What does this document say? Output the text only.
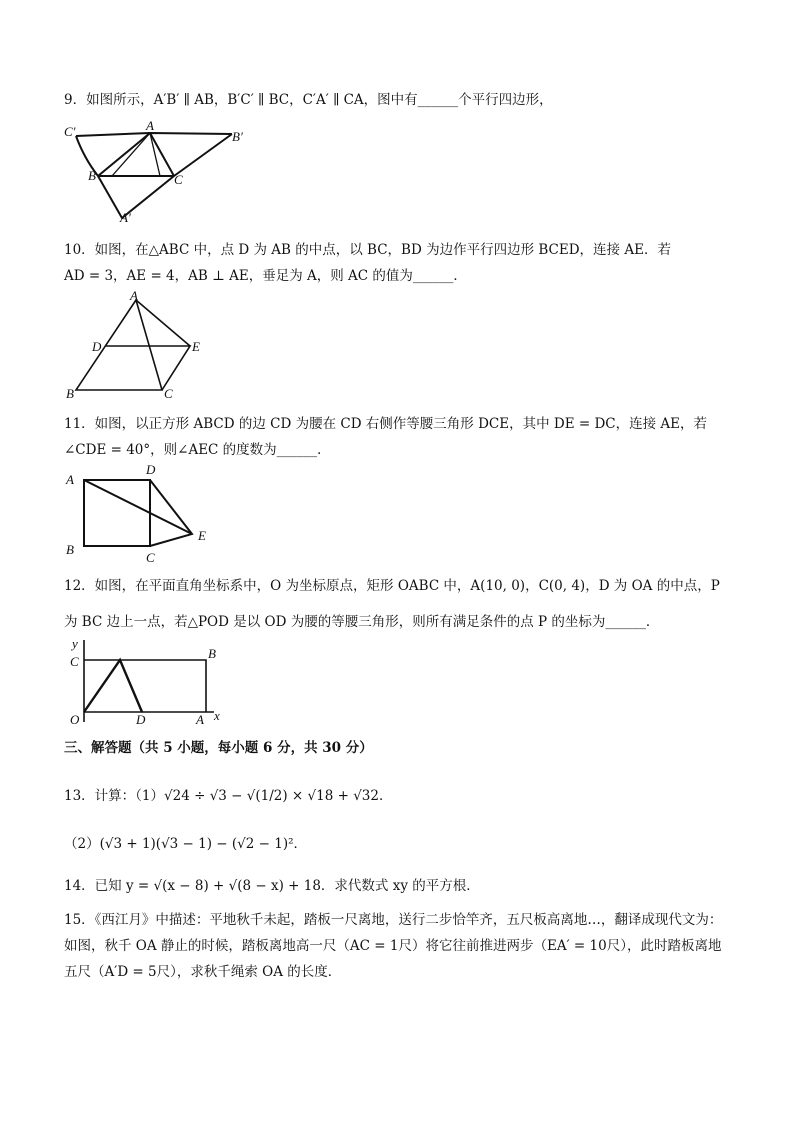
9．如图所示，A′B′ ∥ AB，B′C′ ∥ BC，C′A′ ∥ CA，图中有______个平行四边形，
C′	A
B′
B	C
A′
10．如图，在△ABC 中，点 D 为 AB 的中点，以 BC，BD 为边作平行四边形 BCED，连接 AE．若
AD = 3，AE = 4，AB ⊥ AE，垂足为 A，则 AC 的值为______．
A
D	E
B	C
11．如图，以正方形 ABCD 的边 CD 为腰在 CD 右侧作等腰三角形 DCE，其中 DE = DC，连接 AE，若
∠CDE = 40°，则∠AEC 的度数为______．
A
D
E
B
C
12．如图，在平面直角坐标系中，O 为坐标原点，矩形 OABC 中，A(10, 0)，C(0, 4)，D 为 OA 的中点，P
为 BC 边上一点，若△POD 是以 OD 为腰的等腰三角形，则所有满足条件的点 P 的坐标为______．
y
C
B
O	D	A x
三、解答题（共 5 小题，每小题 6 分，共 30 分）
13．计算：（1）√24 ÷ √3 − √(1/2) × √18 + √32．
（2）(√3 + 1)(√3 − 1) − (√2 − 1)²．
14．已知 y = √(x − 8) + √(8 − x) + 18．求代数式 xy 的平方根．
15．《西江月》中描述：平地秋千未起，踏板一尺离地，送行二步恰竿齐，五尺板高离地…，翻译成现代文为：
如图，秋千 OA 静止的时候，踏板离地高一尺（AC = 1尺）将它往前推进两步（EA′ = 10尺），此时踏板离地
五尺（A′D = 5尺），求秋千绳索 OA 的长度．
